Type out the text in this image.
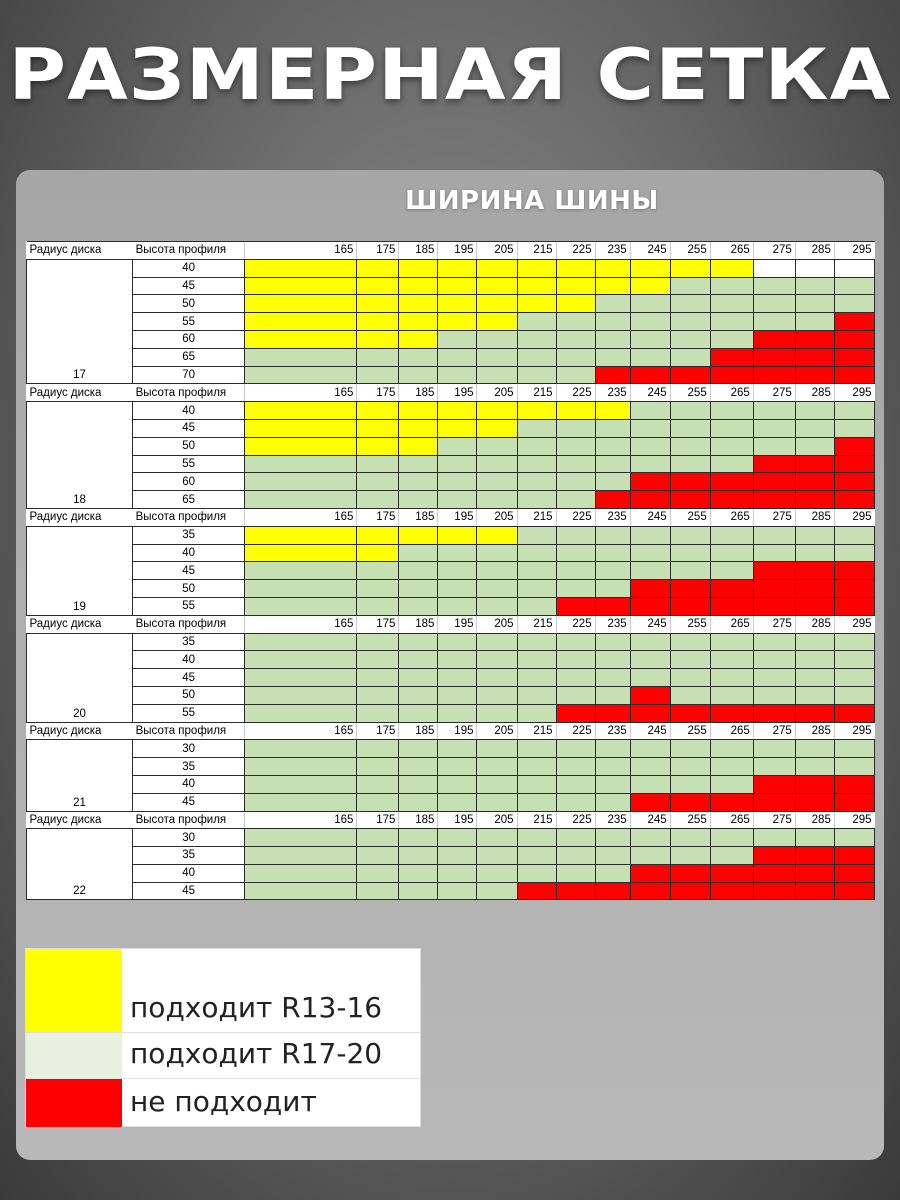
РАЗМЕРНАЯ СЕТКА
ШИРИНА ШИНЫ
Радиус диска	Высота профиля	165	175	185	195	205	215	225	235	245	255	265	275	285	295
17	40														
	45														
	50														
	55														
	60														
	65														
	70														
Радиус диска	Высота профиля	165	175	185	195	205	215	225	235	245	255	265	275	285	295
18	40														
	45														
	50														
	55														
	60														
	65														
Радиус диска	Высота профиля	165	175	185	195	205	215	225	235	245	255	265	275	285	295
19	35														
	40														
	45														
	50														
	55														
Радиус диска	Высота профиля	165	175	185	195	205	215	225	235	245	255	265	275	285	295
20	35														
	40														
	45														
	50														
	55														
Радиус диска	Высота профиля	165	175	185	195	205	215	225	235	245	255	265	275	285	295
21	30														
	35														
	40														
	45														
Радиус диска	Высота профиля	165	175	185	195	205	215	225	235	245	255	265	275	285	295
22	30														
	35														
	40														
	45														
подходит R13-16
подходит R17-20
не подходит
